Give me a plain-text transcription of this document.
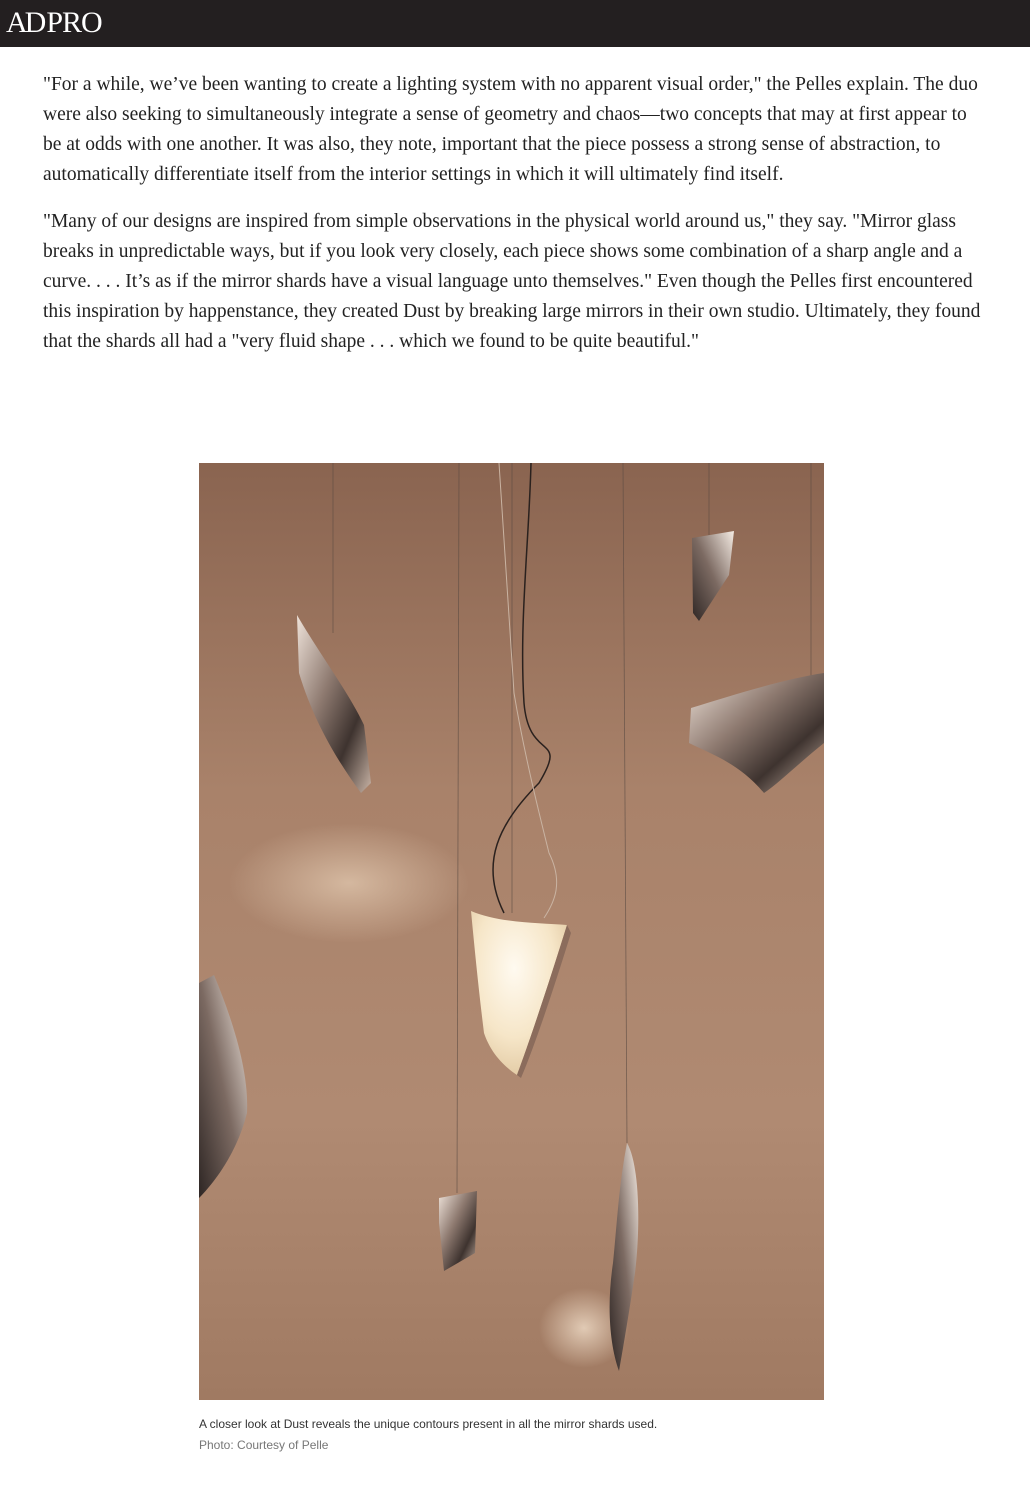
AD PRO

"For a while, we’ve been wanting to create a lighting system with no apparent visual order," the Pelles explain. The duo were also seeking to simultaneously integrate a sense of geometry and chaos—two concepts that may at first appear to be at odds with one another. It was also, they note, important that the piece possess a strong sense of abstraction, to automatically differentiate itself from the interior settings in which it will ultimately find itself.

"Many of our designs are inspired from simple observations in the physical world around us," they say. "Mirror glass breaks in unpredictable ways, but if you look very closely, each piece shows some combination of a sharp angle and a curve. . . . It’s as if the mirror shards have a visual language unto themselves." Even though the Pelles first encountered this inspiration by happenstance, they created Dust by breaking large mirrors in their own studio. Ultimately, they found that the shards all had a "very fluid shape . . . which we found to be quite beautiful."

A closer look at Dust reveals the unique contours present in all the mirror shards used.
Photo: Courtesy of Pelle
